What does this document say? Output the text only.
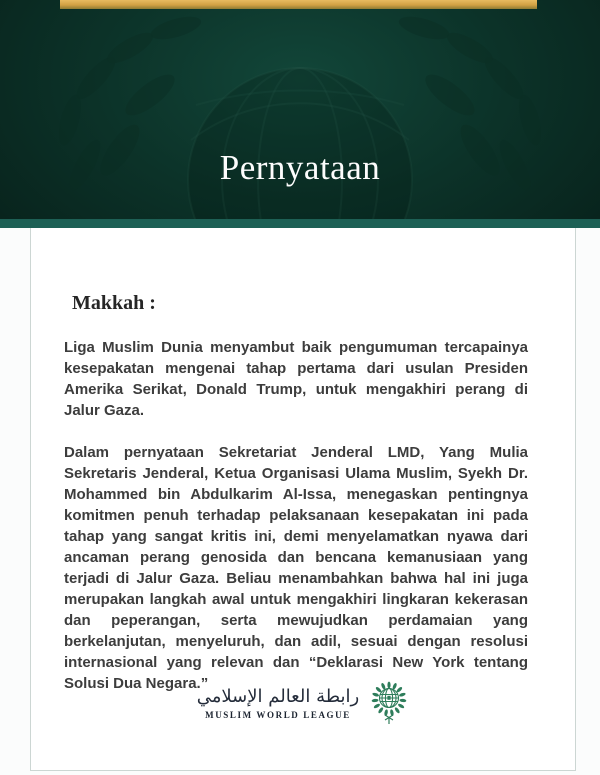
Pernyataan
Makkah :

Liga Muslim Dunia menyambut baik pengumuman tercapainya kesepakatan mengenai tahap pertama dari usulan Presiden Amerika Serikat, Donald Trump, untuk mengakhiri perang di Jalur Gaza.

Dalam pernyataan Sekretariat Jenderal LMD, Yang Mulia Sekretaris Jenderal, Ketua Organisasi Ulama Muslim, Syekh Dr. Mohammed bin Abdulkarim Al-Issa, menegaskan pentingnya komitmen penuh terhadap pelaksanaan kesepakatan ini pada tahap yang sangat kritis ini, demi menyelamatkan nyawa dari ancaman perang genosida dan bencana kemanusiaan yang terjadi di Jalur Gaza. Beliau menambahkan bahwa hal ini juga merupakan langkah awal untuk mengakhiri lingkaran kekerasan dan peperangan, serta mewujudkan perdamaian yang berkelanjutan, menyeluruh, dan adil, sesuai dengan resolusi internasional yang relevan dan “Deklarasi New York tentang Solusi Dua Negara.”

رابطة العالم الإسلامي
MUSLIM WORLD LEAGUE
